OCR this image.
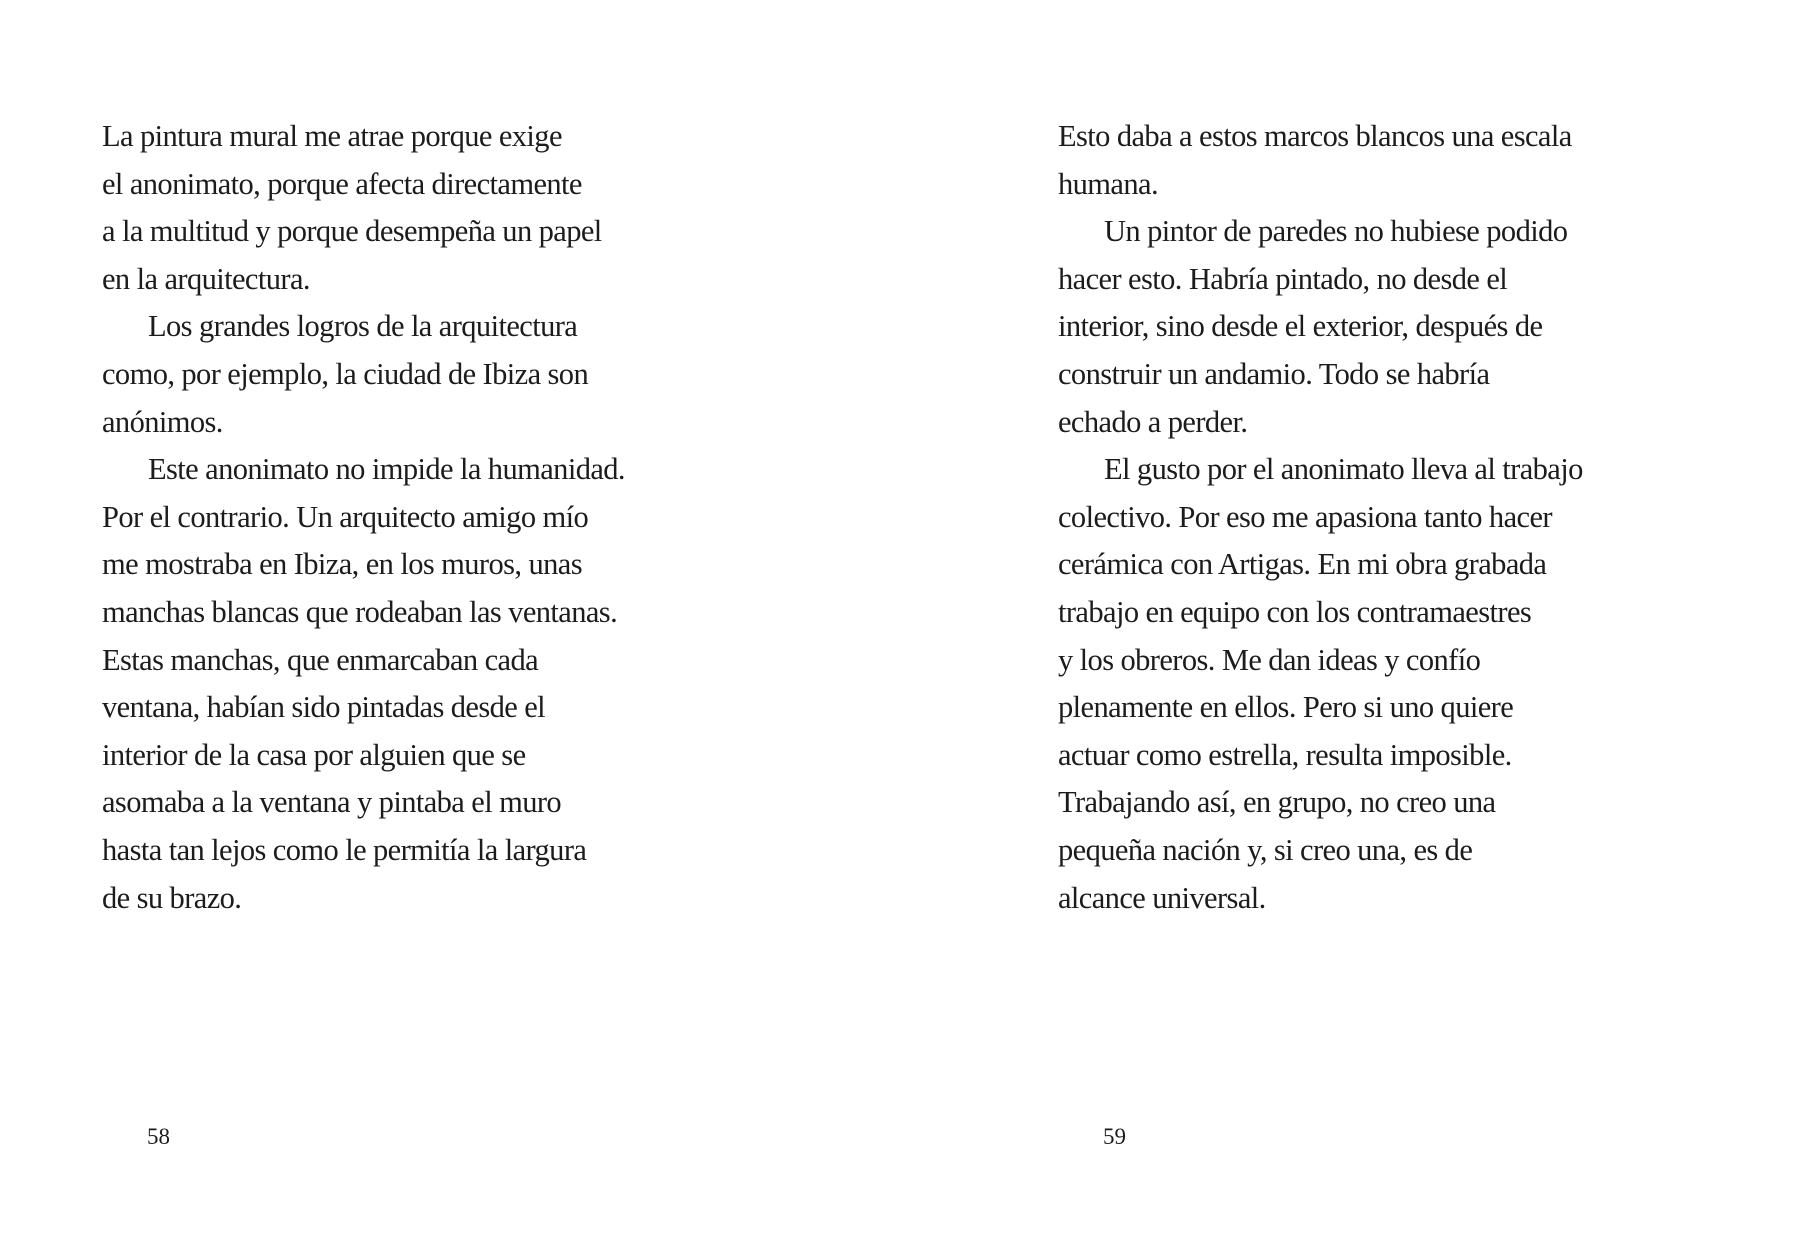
La pintura mural me atrae porque exige
el anonimato, porque afecta directamente
a la multitud y porque desempeña un papel
en la arquitectura.
Los grandes logros de la arquitectura
como, por ejemplo, la ciudad de Ibiza son
anónimos.
Este anonimato no impide la humanidad.
Por el contrario. Un arquitecto amigo mío
me mostraba en Ibiza, en los muros, unas
manchas blancas que rodeaban las ventanas.
Estas manchas, que enmarcaban cada
ventana, habían sido pintadas desde el
interior de la casa por alguien que se
asomaba a la ventana y pintaba el muro
hasta tan lejos como le permitía la largura
de su brazo.
58
Esto daba a estos marcos blancos una escala
humana.
Un pintor de paredes no hubiese podido
hacer esto. Habría pintado, no desde el
interior, sino desde el exterior, después de
construir un andamio. Todo se habría
echado a perder.
El gusto por el anonimato lleva al trabajo
colectivo. Por eso me apasiona tanto hacer
cerámica con Artigas. En mi obra grabada
trabajo en equipo con los contramaestres
y los obreros. Me dan ideas y confío
plenamente en ellos. Pero si uno quiere
actuar como estrella, resulta imposible.
Trabajando así, en grupo, no creo una
pequeña nación y, si creo una, es de
alcance universal.
59
